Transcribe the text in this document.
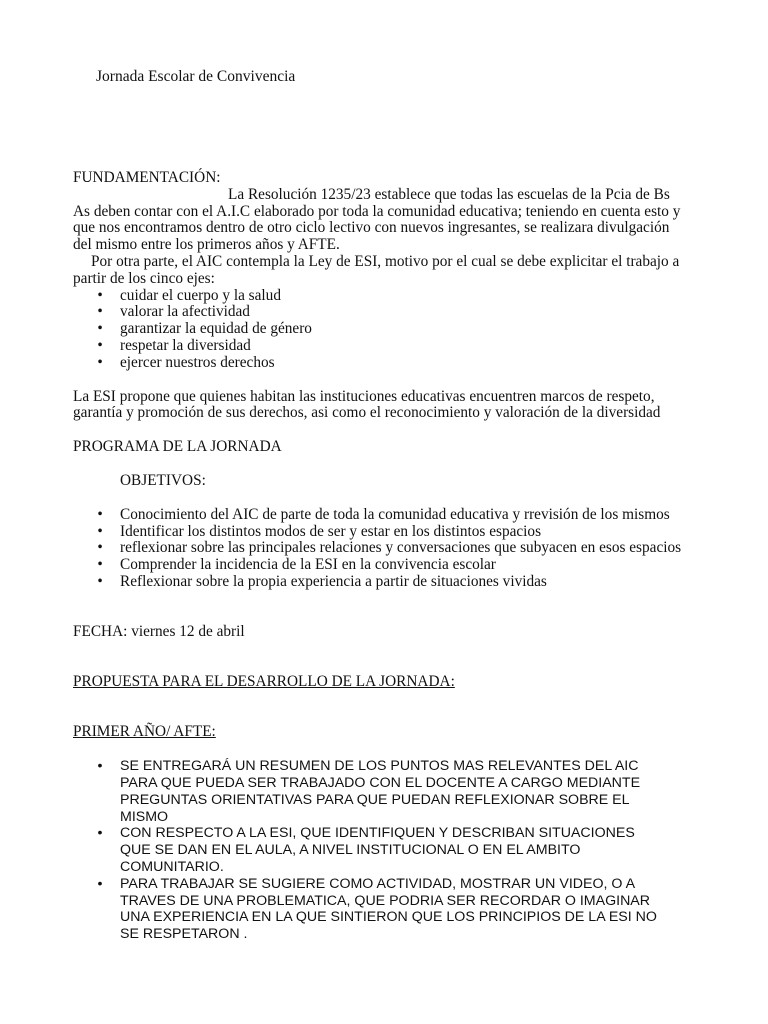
Jornada Escolar de Convivencia
FUNDAMENTACIÓN:
La Resolución 1235/23 establece que todas las escuelas de la Pcia de Bs
As deben contar con el A.I.C elaborado por toda la comunidad educativa; teniendo en cuenta esto y
que nos encontramos dentro de otro ciclo lectivo con nuevos ingresantes, se realizara divulgación
del mismo entre los primeros años y AFTE.
Por otra parte, el AIC contempla la Ley de ESI, motivo por el cual se debe explicitar el trabajo a
partir de los cinco ejes:
• cuidar el cuerpo y la salud
• valorar la afectividad
• garantizar la equidad de género
• respetar la diversidad
• ejercer nuestros derechos
La ESI propone que quienes habitan las instituciones educativas encuentren marcos de respeto,
garantía y promoción de sus derechos, asi como el reconocimiento y valoración de la diversidad
PROGRAMA DE LA JORNADA
OBJETIVOS:
• Conocimiento del AIC de parte de toda la comunidad educativa y rrevisión de los mismos
• Identificar los distintos modos de ser y estar en los distintos espacios
• reflexionar sobre las principales relaciones y conversaciones que subyacen en esos espacios
• Comprender la incidencia de la ESI en la convivencia escolar
• Reflexionar sobre la propia experiencia a partir de situaciones vividas
FECHA: viernes 12 de abril
PROPUESTA PARA EL DESARROLLO DE LA JORNADA:
PRIMER AÑO/ AFTE:
• SE ENTREGARÁ UN RESUMEN DE LOS PUNTOS MAS RELEVANTES DEL AIC
PARA QUE PUEDA SER TRABAJADO CON EL DOCENTE A CARGO MEDIANTE
PREGUNTAS ORIENTATIVAS PARA QUE PUEDAN REFLEXIONAR SOBRE EL
MISMO
• CON RESPECTO A LA ESI, QUE IDENTIFIQUEN Y DESCRIBAN SITUACIONES
QUE SE DAN EN EL AULA, A NIVEL INSTITUCIONAL O EN EL AMBITO
COMUNITARIO.
• PARA TRABAJAR SE SUGIERE COMO ACTIVIDAD, MOSTRAR UN VIDEO, O A
TRAVES DE UNA PROBLEMATICA, QUE PODRIA SER RECORDAR O IMAGINAR
UNA EXPERIENCIA EN LA QUE SINTIERON QUE LOS PRINCIPIOS DE LA ESI NO
SE RESPETARON .
